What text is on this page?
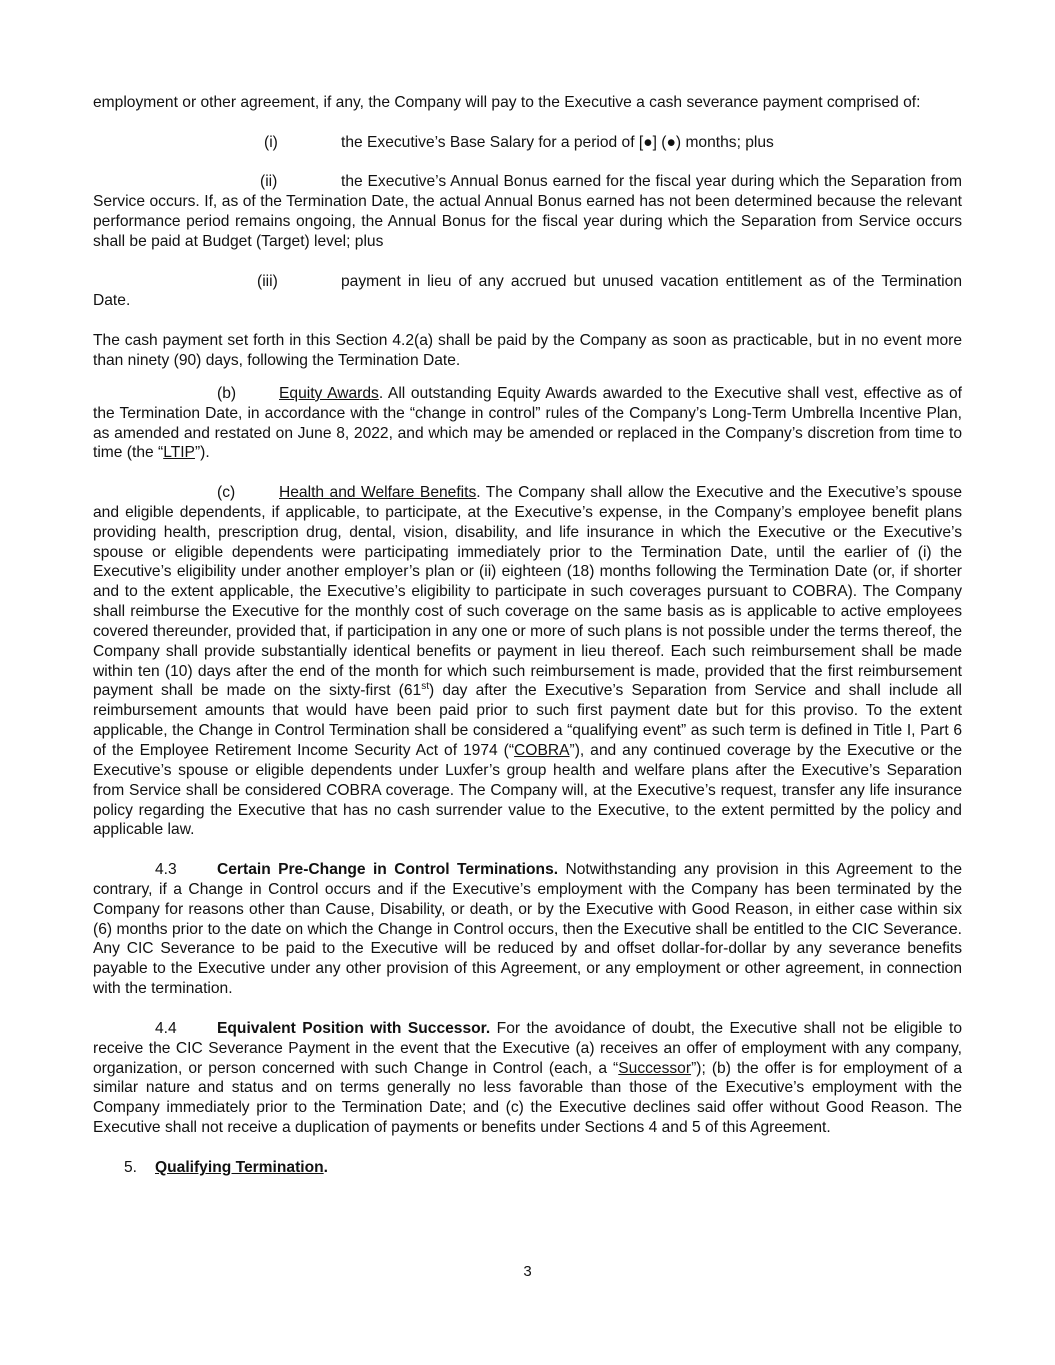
employment or other agreement, if any, the Company will pay to the Executive a cash severance payment comprised of:

(i)	the Executive’s Base Salary for a period of [●] (●) months; plus

(ii)	the Executive’s Annual Bonus earned for the fiscal year during which the Separation from Service occurs. If, as of the Termination Date, the actual Annual Bonus earned has not been determined because the relevant performance period remains ongoing, the Annual Bonus for the fiscal year during which the Separation from Service occurs shall be paid at Budget (Target) level; plus

(iii)	payment in lieu of any accrued but unused vacation entitlement as of the Termination Date.

The cash payment set forth in this Section 4.2(a) shall be paid by the Company as soon as practicable, but in no event more than ninety (90) days, following the Termination Date.

(b)	Equity Awards. All outstanding Equity Awards awarded to the Executive shall vest, effective as of the Termination Date, in accordance with the “change in control” rules of the Company’s Long-Term Umbrella Incentive Plan, as amended and restated on June 8, 2022, and which may be amended or replaced in the Company’s discretion from time to time (the “LTIP”).

(c)	Health and Welfare Benefits. The Company shall allow the Executive and the Executive’s spouse and eligible dependents, if applicable, to participate, at the Executive’s expense, in the Company’s employee benefit plans providing health, prescription drug, dental, vision, disability, and life insurance in which the Executive or the Executive’s spouse or eligible dependents were participating immediately prior to the Termination Date, until the earlier of (i) the Executive’s eligibility under another employer’s plan or (ii) eighteen (18) months following the Termination Date (or, if shorter and to the extent applicable, the Executive’s eligibility to participate in such coverages pursuant to COBRA). The Company shall reimburse the Executive for the monthly cost of such coverage on the same basis as is applicable to active employees covered thereunder, provided that, if participation in any one or more of such plans is not possible under the terms thereof, the Company shall provide substantially identical benefits or payment in lieu thereof. Each such reimbursement shall be made within ten (10) days after the end of the month for which such reimbursement is made, provided that the first reimbursement payment shall be made on the sixty-first (61st) day after the Executive’s Separation from Service and shall include all reimbursement amounts that would have been paid prior to such first payment date but for this proviso. To the extent applicable, the Change in Control Termination shall be considered a “qualifying event” as such term is defined in Title I, Part 6 of the Employee Retirement Income Security Act of 1974 (“COBRA”), and any continued coverage by the Executive or the Executive’s spouse or eligible dependents under Luxfer’s group health and welfare plans after the Executive’s Separation from Service shall be considered COBRA coverage. The Company will, at the Executive’s request, transfer any life insurance policy regarding the Executive that has no cash surrender value to the Executive, to the extent permitted by the policy and applicable law.

4.3	Certain Pre-Change in Control Terminations. Notwithstanding any provision in this Agreement to the contrary, if a Change in Control occurs and if the Executive’s employment with the Company has been terminated by the Company for reasons other than Cause, Disability, or death, or by the Executive with Good Reason, in either case within six (6) months prior to the date on which the Change in Control occurs, then the Executive shall be entitled to the CIC Severance. Any CIC Severance to be paid to the Executive will be reduced by and offset dollar-for-dollar by any severance benefits payable to the Executive under any other provision of this Agreement, or any employment or other agreement, in connection with the termination.

4.4	Equivalent Position with Successor. For the avoidance of doubt, the Executive shall not be eligible to receive the CIC Severance Payment in the event that the Executive (a) receives an offer of employment with any company, organization, or person concerned with such Change in Control (each, a “Successor”); (b) the offer is for employment of a similar nature and status and on terms generally no less favorable than those of the Executive’s employment with the Company immediately prior to the Termination Date; and (c) the Executive declines said offer without Good Reason. The Executive shall not receive a duplication of payments or benefits under Sections 4 and 5 of this Agreement.

5. Qualifying Termination.

3
